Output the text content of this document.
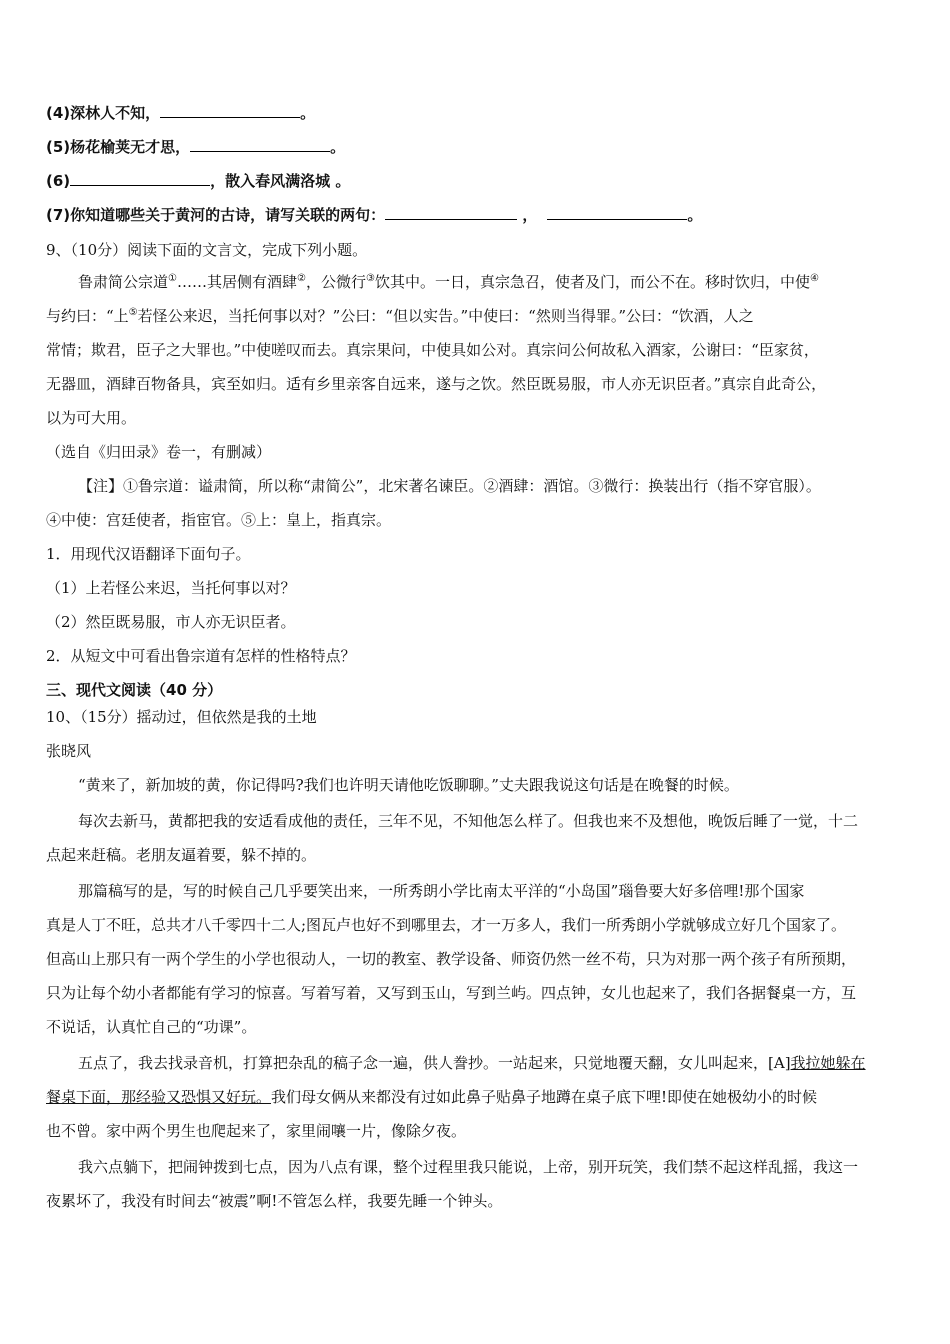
(4)深林人不知，	。
(5)杨花榆荚无才思，	。
(6)	，散入春风满洛城 。
(7)你知道哪些关于黄河的古诗，请写关联的两句：	，	。
9、（10分）阅读下面的文言文，完成下列小题。
鲁肃简公宗道①……其居侧有酒肆②，公微行③饮其中。一日，真宗急召，使者及门，而公不在。移时饮归，中使④
与约曰：“上⑤若怪公来迟，当托何事以对？”公曰：“但以实告。”中使曰：“然则当得罪。”公曰：“饮酒，人之
常情；欺君，臣子之大罪也。”中使嗟叹而去。真宗果问，中使具如公对。真宗问公何故私入酒家，公谢曰：“臣家贫，
无器皿，酒肆百物备具，宾至如归。适有乡里亲客自远来，遂与之饮。然臣既易服，市人亦无识臣者。”真宗自此奇公，
以为可大用。
（选自《归田录》卷一，有删减）
【注】①鲁宗道：谥肃简，所以称“肃简公”，北宋著名谏臣。②酒肆：酒馆。③微行：换装出行（指不穿官服）。
④中使：宫廷使者，指宦官。⑤上：皇上，指真宗。
1．用现代汉语翻译下面句子。
（1）上若怪公来迟，当托何事以对？
（2）然臣既易服，市人亦无识臣者。
2．从短文中可看出鲁宗道有怎样的性格特点？
三、现代文阅读（40 分）
10、（15分）摇动过，但依然是我的土地
张晓风
“黄来了，新加坡的黄，你记得吗?我们也许明天请他吃饭聊聊。”丈夫跟我说这句话是在晚餐的时候。
每次去新马，黄都把我的安适看成他的责任，三年不见，不知他怎么样了。但我也来不及想他，晚饭后睡了一觉，十二
点起来赶稿。老朋友逼着要，躲不掉的。
那篇稿写的是，写的时候自己几乎要笑出来，一所秀朗小学比南太平洋的“小岛国”瑙鲁要大好多倍哩!那个国家
真是人丁不旺，总共才八千零四十二人;图瓦卢也好不到哪里去，才一万多人，我们一所秀朗小学就够成立好几个国家了。
但高山上那只有一两个学生的小学也很动人，一切的教室、教学设备、师资仍然一丝不苟，只为对那一两个孩子有所预期，
只为让每个幼小者都能有学习的惊喜。写着写着，又写到玉山，写到兰屿。四点钟，女儿也起来了，我们各据餐桌一方，互
不说话，认真忙自己的“功课”。
五点了，我去找录音机，打算把杂乱的稿子念一遍，供人誊抄。一站起来，只觉地覆天翻，女儿叫起来，[A]我拉她躲在
餐桌下面，那经验又恐惧又好玩。我们母女俩从来都没有过如此鼻子贴鼻子地蹲在桌子底下哩!即使在她极幼小的时候
也不曾。家中两个男生也爬起来了，家里闹嚷一片，像除夕夜。
我六点躺下，把闹钟拨到七点，因为八点有课，整个过程里我只能说，上帝，别开玩笑，我们禁不起这样乱摇，我这一
夜累坏了，我没有时间去“被震”啊!不管怎么样，我要先睡一个钟头。
